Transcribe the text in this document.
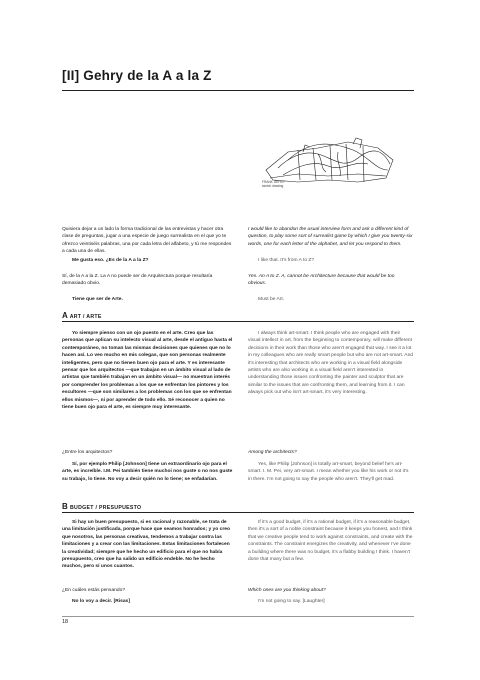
[II] Gehry de la A a la Z
FRANK GEHRY
sketch drawing
Quisiera dejar a un lado la forma tradicional de las entrevistas y hacer otra clase de preguntas, jugar a una especie de juego surrealista en el que yo te ofrezco veintiséis palabras, una por cada letra del alfabeto, y tú me respondes a cada una de ellas.
I would like to abandon the usual interview form and ask a different kind of question, to play some sort of surrealist game by which I give you twenty-six words, one for each letter of the alphabet, and let you respond to them.
Me gusta eso. ¿Es de la A a la Z?	I like that. It's from A to Z?
Sí, de la A a la Z. La A no puede ser de Arquitectura porque resultaría demasiado obvio.
Yes. An A to Z. A, cannot be Architecture because that would be too obvious.
Tiene que ser de Arte.	Must be Art.
A ART / ARTE
Yo siempre pienso con un ojo puesto en el arte. Creo que las personas que aplican su intelecto visual al arte, desde el antiguo hasta el contemporáneo, no toman las mismas decisiones que quienes que no lo hacen así. Lo veo mucho en mis colegas, que son personas realmente inteligentes, pero que no tienen buen ojo para el arte. Y es interesante pensar que los arquitectos —que trabajan en un ámbito visual al lado de artistas que también trabajan en un ámbito visual— no muestran interés por comprender los problemas a los que se enfrentan los pintores y los escultores —que son similares a los problemas con los que se enfrentan ellos mismos—, ni por aprender de todo ello. Sé reconocer a quien no tiene buen ojo para el arte, es siempre muy interesante.
I always think art-smart. I think people who are engaged with their visual intellect in art, from the beginning to contemporary, will make different decisions in their work than those who aren't engaged that way. I see it a lot in my colleagues who are really smart people but who are not art-smart. And it's interesting that architects who are working in a visual field alongside artists who are also working in a visual field aren't interested in understanding those issues confronting the painter and sculptor that are similar to the issues that are confronting them, and learning from it. I can always pick out who isn't art-smart, it's very interesting.
¿Entre los arquitectos?	Among the architects?
Sí, por ejemplo Philip [Johnson] tiene un extraordinario ojo para el arte, es increíble. I.M. Pei también tiene muchoi nos guste o no nos guste su trabajo, lo tiene. No voy a decir quién no lo tiene; se enfadarían.
Yes, like Philip [Johnson] is totally art-smart, beyond belief he's art-smart. I. M. Pei, very art-smart. I mean whether you like his work or not it's in there. I'm not going to say the people who aren't. They'll get mad.
B BUDGET / PRESUPUESTO
Si hay un buen presupuesto, si es racional y razonable, se trata de una limitación justificada, porque hace que seamos honrados; y yo creo que nosotros, las personas creativas, tendemos a trabajar contra las limitaciones y a crear con las limitaciones. Estas limitaciones fortalecen la creatividad; siempre que he hecho un edificio para el que no había presupuesto, creo que ha salido un edificio endeble. No he hecho muchos, pero sí unos cuantos.
If it's a good budget, if it's a rational budget, if it's a reasonable budget, then it's a sort of a noble constraint because it keeps you honest, and I think that we creative people tend to work against constraints, and create with the constraints. The constraint energizes the creativity, and whenever I've done a building where there was no budget, it's a flabby building I think. I haven't done that many but a few.
¿En cuáles estás pensando?	Which ones are you thinking about?
No lo voy a decir. [Risas]	I'm not going to say. [Laughter]
18
